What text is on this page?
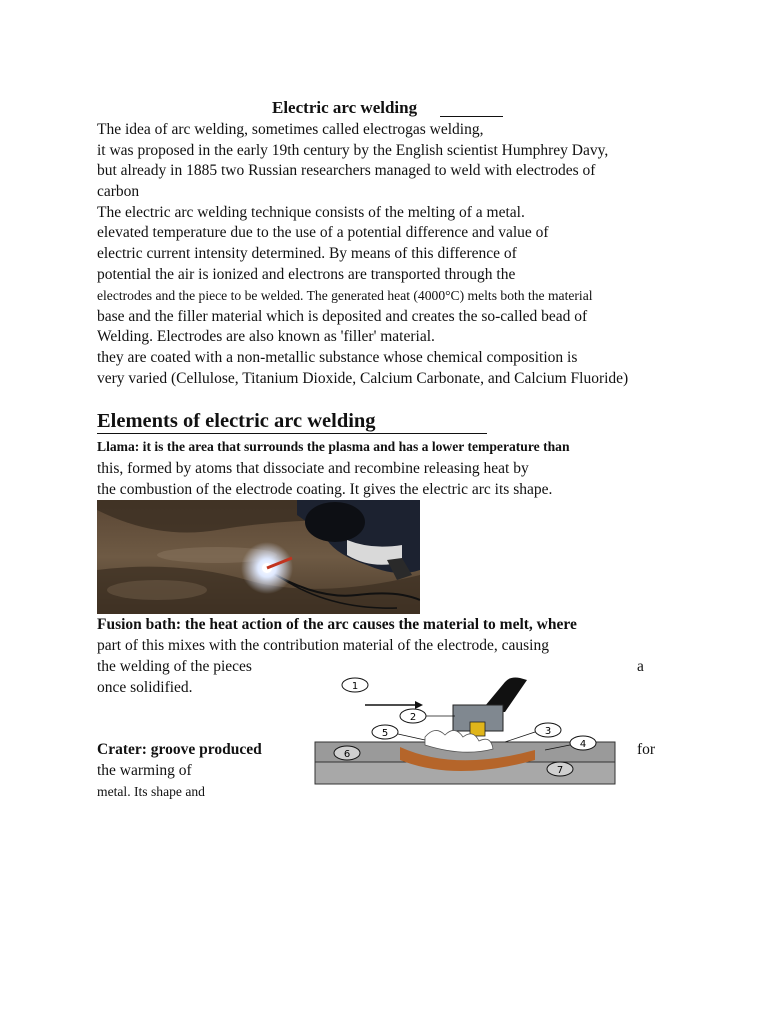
Electric arc welding

The idea of arc welding, sometimes called electrogas welding,

it was proposed in the early 19th century by the English scientist Humphrey Davy,

but already in 1885 two Russian researchers managed to weld with electrodes of

carbon

The electric arc welding technique consists of the melting of a metal.

elevated temperature due to the use of a potential difference and value of

electric current intensity determined. By means of this difference of

potential the air is ionized and electrons are transported through the

electrodes and the piece to be welded. The generated heat (4000°C) melts both the material

base and the filler material which is deposited and creates the so-called bead of

Welding. Electrodes are also known as 'filler' material.

they are coated with a non-metallic substance whose chemical composition is

very varied (Cellulose, Titanium Dioxide, Calcium Carbonate, and Calcium Fluoride)

Elements of electric arc welding

Llama: it is the area that surrounds the plasma and has a lower temperature than

this, formed by atoms that dissociate and recombine releasing heat by

the combustion of the electrode coating. It gives the electric arc its shape.

Fusion bath: the heat action of the arc causes the material to melt, where

part of this mixes with the contribution material of the electrode, causing

the welding of the pieces	a

once solidified.

Crater: groove produced	for

the warming of

metal. Its shape and

1
2
3
4
5
6
7
